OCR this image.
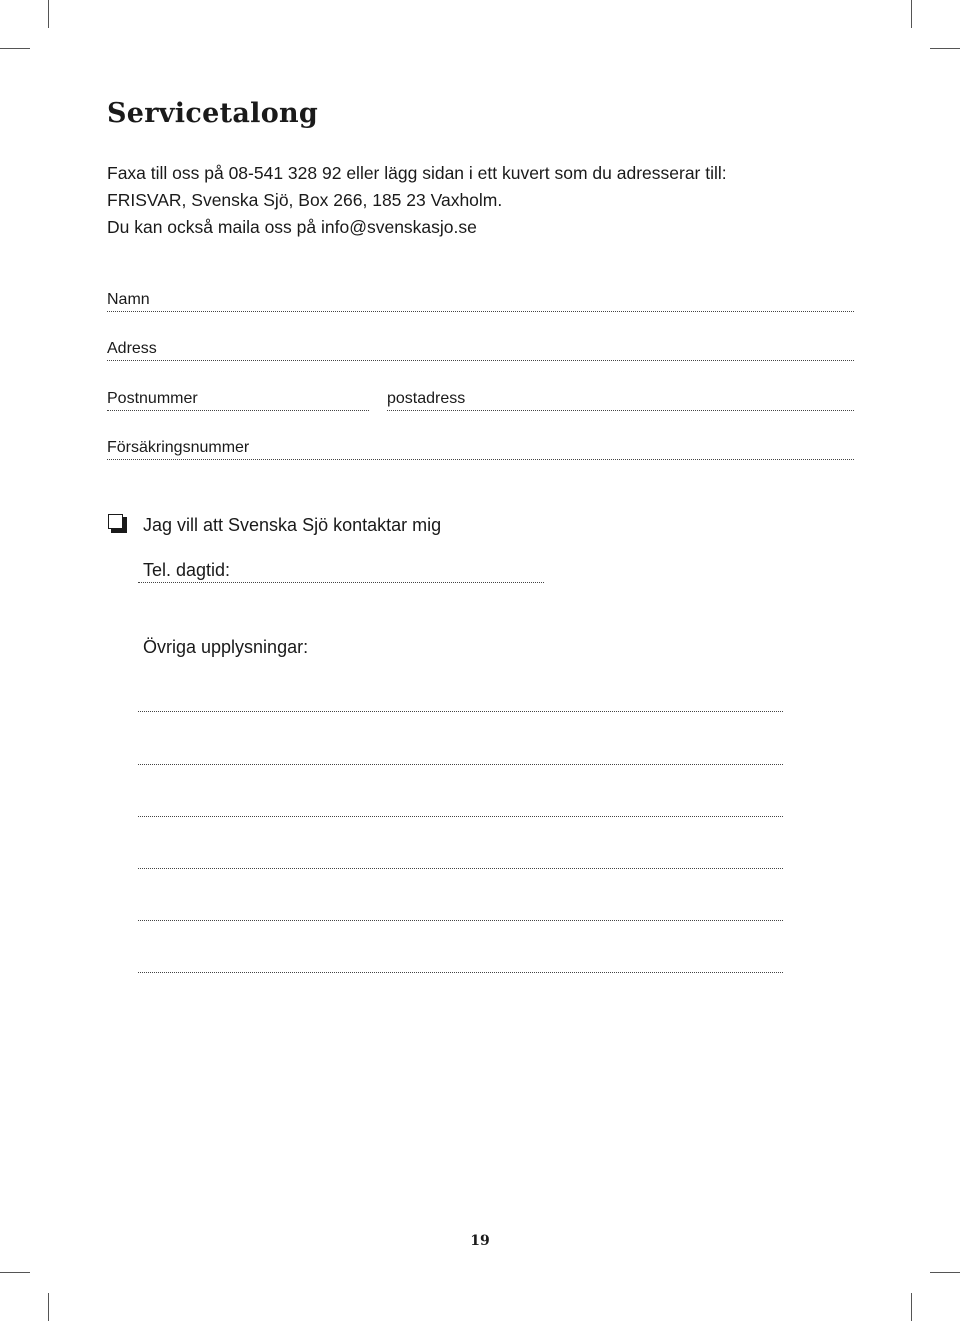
Servicetalong
Faxa till oss på 08-541 328 92 eller lägg sidan i ett kuvert som du adresserar till:
FRISVAR, Svenska Sjö, Box 266, 185 23 Vaxholm.
Du kan också maila oss på info@svenskasjo.se
Namn
Adress
Postnummer	postadress
Försäkringsnummer
Jag vill att Svenska Sjö kontaktar mig
Tel. dagtid:
Övriga upplysningar:
19
